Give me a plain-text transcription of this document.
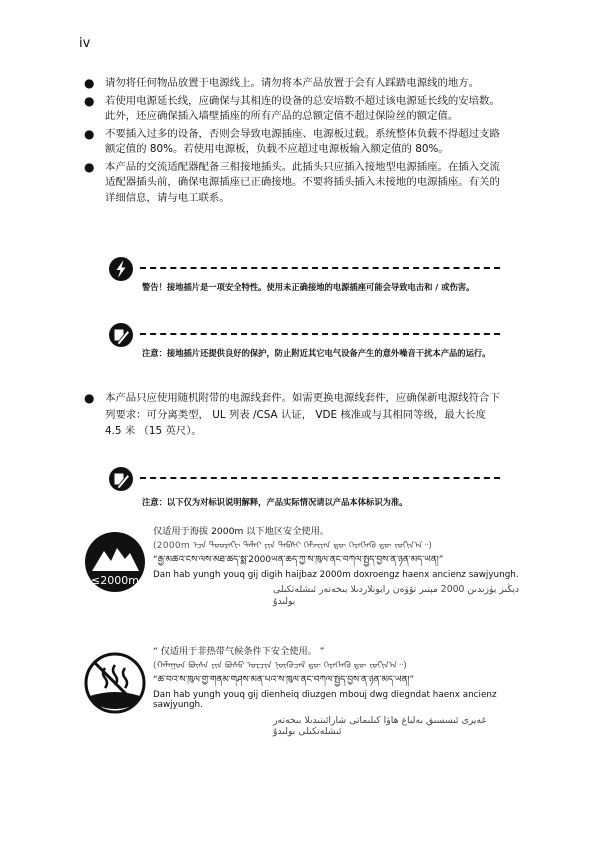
iv
● 请勿将任何物品放置于电源线上。请勿将本产品放置于会有人踩踏电源线的地方。
● 若使用电源延长线，应确保与其相连的设备的总安培数不超过该电源延长线的安培数。此外，还应确保插入墙壁插座的所有产品的总额定值不超过保险丝的额定值。
● 不要插入过多的设备，否则会导致电源插座、电源板过载。系统整体负载不得超过支路额定值的 80%。若使用电源板，负载不应超过电源板输入额定值的 80%。
● 本产品的交流适配器配备三相接地插头。此插头只应插入接地型电源插座。在插入交流适配器插头前，确保电源插座已正确接地。不要将插头插入未接地的电源插座。有关的详细信息，请与电工联系。
警告！接地插片是一项安全特性。使用未正确接地的电源插座可能会导致电击和 / 或伤害。
注意：接地插片还提供良好的保护，防止附近其它电气设备产生的意外噪音干扰本产品的运行。
● 本产品只应使用随机附带的电源线套件。如需更换电源线套件，应确保新电源线符合下列要求：可分离类型， UL 列表 /CSA 认证， VDE 核准或与其相同等级，最大长度 4.5 米 （15 英尺）。
注意：以下仅为对标识说明解释，产品实际情况请以产品本体标识为准。
≤2000m
仅适用于海拔 2000m 以下地区安全使用。
(2000m ᠡᠴᠡ ᠳᠣᠣᠷᠠᠬᠢ ᠳᠠᠯᠠᠢ ᠶᠢᠨ ᠲᠡᠪᠰᠢ ᠬᠡᠮᠵᠢᠶᠡᠨ ᠳᠦ ᠬᠡᠷᠡᠭᠯᠡᠬᠦ ᠳᠦ ᠵᠣᠬᠢᠨ᠎ᠠ᠃)
“རྒྱ་མཚོའི་ངོས་ལས་མཐོ་ཚད་སྨི་2000ཡན་ཆད་ཀྱི་ས་ཁུལ་ནང་བཀོལ་སྤྱོད་བྱས་ན་ཉེན་མེད་ཡིན།”
Dan hab yungh youq gij digih haijbaz 2000m doxroengz haenx ancienz sawjyungh.
دېڭىز يۈزىدىن 2000 مېتىر تۆۋەن رايونلاردىلا بىخەتەر ئىشلەتكىلى بولىدۇ
“ 仅适用于非热带气候条件下安全使用。 ”
(ᠬᠠᠯᠠᠭᠤᠨ ᠪᠦᠰᠡ ᠶᠢᠨ ᠪᠤᠰᠤ ᠤᠷᠴᠢᠨ ᠨᠥᠬᠦᠴᠡᠯ ᠳᠦ ᠬᠡᠷᠡᠭᠯᠡᠬᠦ ᠳᠦ ᠵᠣᠬᠢᠨ᠎ᠠ᠃)
“ཚ་བའི་ས་ཁུལ་གྱི་གནམ་གཤིས་མིན་པའི་ས་ཁུལ་ནང་བཀོལ་སྤྱོད་བྱས་ན་ཉེན་མེད་ཡིན།”
Dan hab yungh youq gij dienheiq diuzgen mbouj dwg diegndat haenx ancienz sawjyungh.
غەيرى ئىسسىق بەلباغ ھاۋا كىلىماتى شارائىتىدىلا بىخەتەر ئىشلەتكىلى بولىدۇ
